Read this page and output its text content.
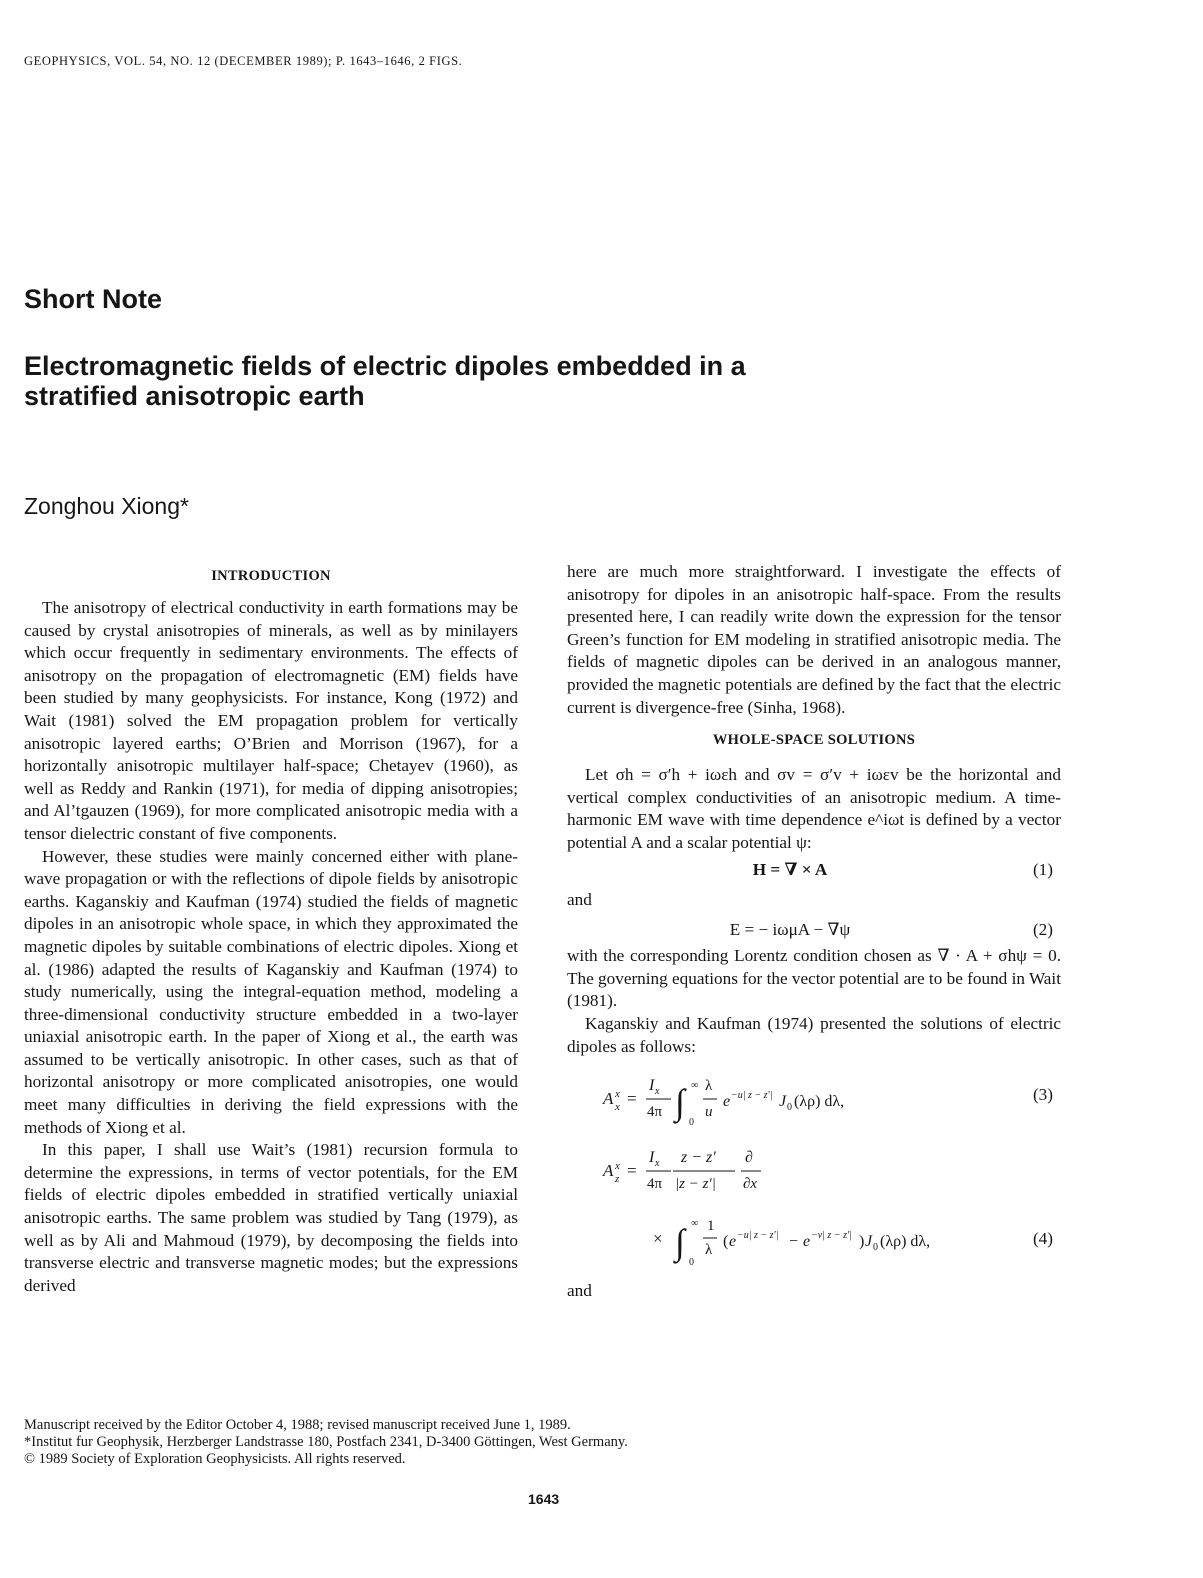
GEOPHYSICS, VOL. 54, NO. 12 (DECEMBER 1989); P. 1643–1646, 2 FIGS.
Short Note
Electromagnetic fields of electric dipoles embedded in a stratified anisotropic earth
Zonghou Xiong*
INTRODUCTION

The anisotropy of electrical conductivity in earth formations may be caused by crystal anisotropies of minerals, as well as by minilayers which occur frequently in sedimentary environments. The effects of anisotropy on the propagation of electromagnetic (EM) fields have been studied by many geophysicists. For instance, Kong (1972) and Wait (1981) solved the EM propagation problem for vertically anisotropic layered earths; O’Brien and Morrison (1967), for a horizontally anisotropic multilayer half-space; Chetayev (1960), as well as Reddy and Rankin (1971), for media of dipping anisotropies; and Al’tgauzen (1969), for more complicated anisotropic media with a tensor dielectric constant of five components.

However, these studies were mainly concerned either with plane-wave propagation or with the reflections of dipole fields by anisotropic earths. Kaganskiy and Kaufman (1974) studied the fields of magnetic dipoles in an anisotropic whole space, in which they approximated the magnetic dipoles by suitable combinations of electric dipoles. Xiong et al. (1986) adapted the results of Kaganskiy and Kaufman (1974) to study numerically, using the integral-equation method, modeling a three-dimensional conductivity structure embedded in a two-layer uniaxial anisotropic earth. In the paper of Xiong et al., the earth was assumed to be vertically anisotropic. In other cases, such as that of horizontal anisotropy or more complicated anisotropies, one would meet many difficulties in deriving the field expressions with the methods of Xiong et al.

In this paper, I shall use Wait’s (1981) recursion formula to determine the expressions, in terms of vector potentials, for the EM fields of electric dipoles embedded in stratified vertically uniaxial anisotropic earths. The same problem was studied by Tang (1979), as well as by Ali and Mahmoud (1979), by decomposing the fields into transverse electric and transverse magnetic modes; but the expressions derived

here are much more straightforward. I investigate the effects of anisotropy for dipoles in an anisotropic half-space. From the results presented here, I can readily write down the expression for the tensor Green’s function for EM modeling in stratified anisotropic media. The fields of magnetic dipoles can be derived in an analogous manner, provided the magnetic potentials are defined by the fact that the electric current is divergence-free (Sinha, 1968).

WHOLE-SPACE SOLUTIONS

Let σh = σ′h + iωεh and σv = σ′v + iωεv be the horizontal and vertical complex conductivities of an anisotropic medium. A time-harmonic EM wave with time dependence e^iωt is defined by a vector potential A and a scalar potential ψ:

H = ∇ × A	(1)
and
E = − iωμA − ∇ψ	(2)

with the corresponding Lorentz condition chosen as ∇ · A + σhψ = 0. The governing equations for the vector potential are to be found in Wait (1981).

Kaganskiy and Kaufman (1974) presented the solutions of electric dipoles as follows:

A x
x =
I x
4π ∫ ∞
0
λ
u
e −u| z − z′| J 0 (λρ) dλ,	(3)
A x
z =
I x
4π
z − z′
|z − z′|
∂
∂x
× ∫ ∞
0
1
λ ( e −u| z − z′| − e −v| z − z′| ) J 0 (λρ) dλ,	(4)
and
Manuscript received by the Editor October 4, 1988; revised manuscript received June 1, 1989.
*Institut fur Geophysik, Herzberger Landstrasse 180, Postfach 2341, D-3400 Göttingen, West Germany.
© 1989 Society of Exploration Geophysicists. All rights reserved.
1643
